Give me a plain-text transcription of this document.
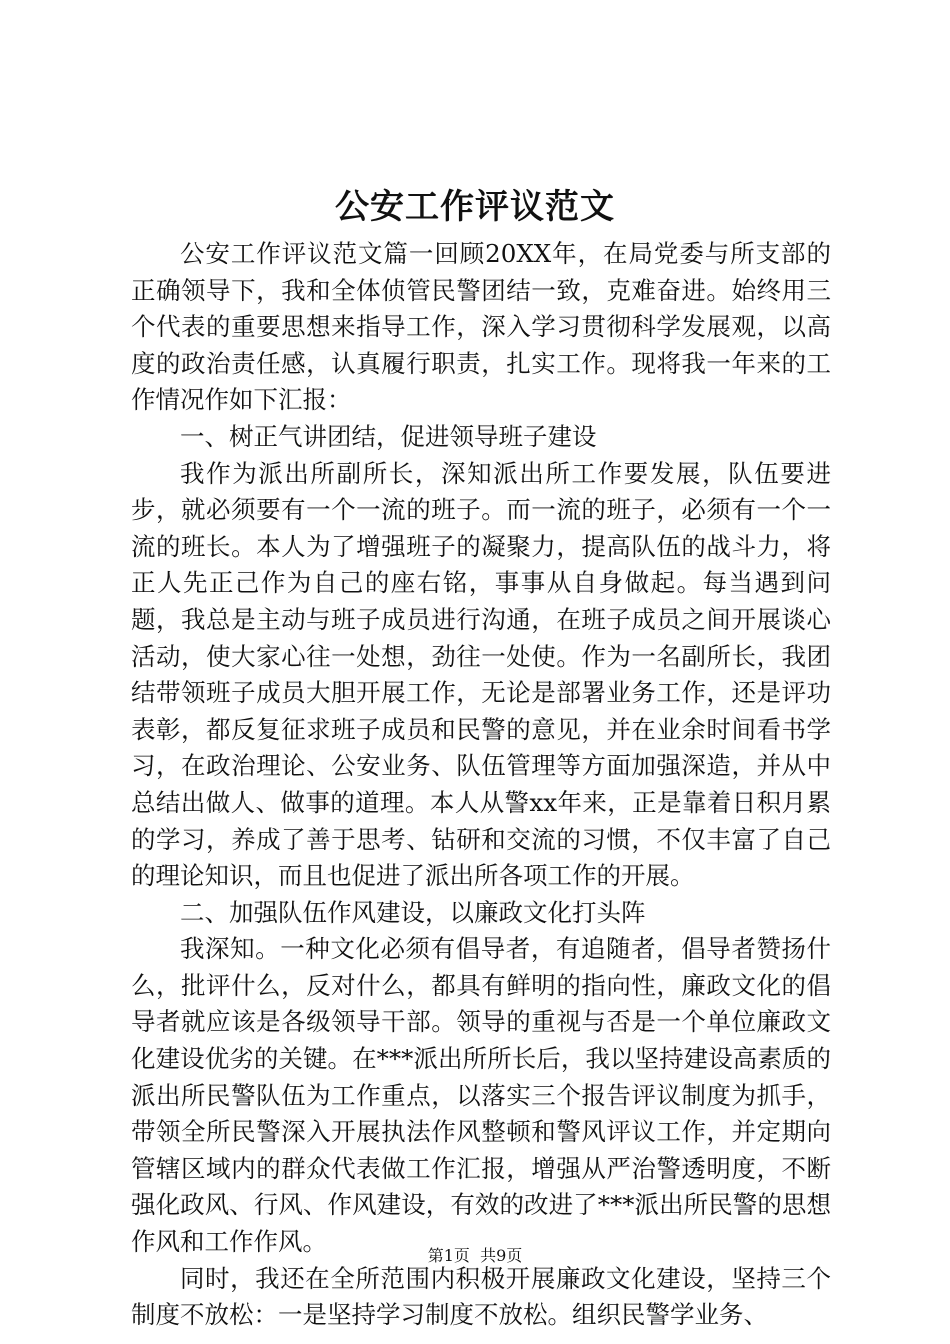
公安工作评议范文

公安工作评议范文篇一回顾20XX年，在局党委与所支部的正确领导下，我和全体侦管民警团结一致，克难奋进。始终用三个代表的重要思想来指导工作，深入学习贯彻科学发展观，以高度的政治责任感，认真履行职责，扎实工作。现将我一年来的工作情况作如下汇报：

一、树正气讲团结，促进领导班子建设

我作为派出所副所长，深知派出所工作要发展，队伍要进步，就必须要有一个一流的班子。而一流的班子，必须有一个一流的班长。本人为了增强班子的凝聚力，提高队伍的战斗力，将正人先正己作为自己的座右铭，事事从自身做起。每当遇到问题，我总是主动与班子成员进行沟通，在班子成员之间开展谈心活动，使大家心往一处想，劲往一处使。作为一名副所长，我团结带领班子成员大胆开展工作，无论是部署业务工作，还是评功表彰，都反复征求班子成员和民警的意见，并在业余时间看书学习，在政治理论、公安业务、队伍管理等方面加强深造，并从中总结出做人、做事的道理。本人从警xx年来，正是靠着日积月累的学习，养成了善于思考、钻研和交流的习惯，不仅丰富了自己的理论知识，而且也促进了派出所各项工作的开展。

二、加强队伍作风建设，以廉政文化打头阵

我深知。一种文化必须有倡导者，有追随者，倡导者赞扬什么，批评什么，反对什么，都具有鲜明的指向性，廉政文化的倡导者就应该是各级领导干部。领导的重视与否是一个单位廉政文化建设优劣的关键。在***派出所所长后，我以坚持建设高素质的派出所民警队伍为工作重点，以落实三个报告评议制度为抓手，带领全所民警深入开展执法作风整顿和警风评议工作，并定期向管辖区域内的群众代表做工作汇报，增强从严治警透明度，不断强化政风、行风、作风建设，有效的改进了***派出所民警的思想作风和工作作风。

同时，我还在全所范围内积极开展廉政文化建设，坚持三个制度不放松：一是坚持学习制度不放松。组织民警学业务、

第1页 共9页
